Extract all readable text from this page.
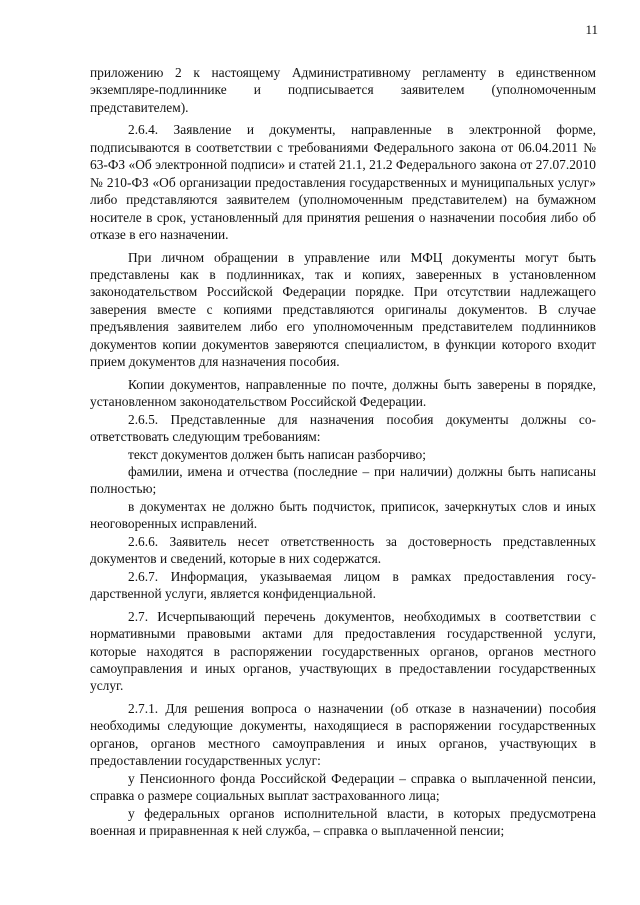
11

приложению 2 к настоящему Административному регламенту в единственном экземпляре-подлиннике и подписывается заявителем (уполномоченным представителем).

2.6.4. Заявление и документы, направленные в электронной форме, подписываются в соответствии с требованиями Федерального закона от 06.04.2011 № 63-ФЗ «Об электронной подписи» и статей 21.1, 21.2 Федерального закона от 27.07.2010 № 210-ФЗ «Об организации предоставления государственных и муниципальных услуг» либо представляются заявителем (уполномоченным представителем) на бумажном носителе в срок, установленный для принятия решения о назначении пособия либо об отказе в его назначении.

При личном обращении в управление или МФЦ документы могут быть представлены как в подлинниках, так и копиях, заверенных в установленном законодательством Российской Федерации порядке. При отсутствии надлежащего заверения вместе с копиями представляются оригиналы документов. В случае предъявления заявителем либо его уполномоченным представителем подлинников документов копии документов заверяются специалистом, в функции которого входит прием документов для назначения пособия.

Копии документов, направленные по почте, должны быть заверены в порядке, установленном законодательством Российской Федерации.

2.6.5. Представленные для назначения пособия документы должны соответствовать следующим требованиям:

текст документов должен быть написан разборчиво;

фамилии, имена и отчества (последние – при наличии) должны быть написаны полностью;

в документах не должно быть подчисток, приписок, зачеркнутых слов и иных неоговоренных исправлений.

2.6.6. Заявитель несет ответственность за достоверность представленных документов и сведений, которые в них содержатся.

2.6.7. Информация, указываемая лицом в рамках предоставления государственной услуги, является конфиденциальной.

2.7. Исчерпывающий перечень документов, необходимых в соответствии с нормативными правовыми актами для предоставления государственной услуги, которые находятся в распоряжении государственных органов, органов местного самоуправления и иных органов, участвующих в предоставлении государственных услуг.

2.7.1. Для решения вопроса о назначении (об отказе в назначении) пособия необходимы следующие документы, находящиеся в распоряжении государственных органов, органов местного самоуправления и иных органов, участвующих в предоставлении государственных услуг:

у Пенсионного фонда Российской Федерации – справка о выплаченной пенсии, справка о размере социальных выплат застрахованного лица;

у федеральных органов исполнительной власти, в которых предусмотрена военная и приравненная к ней служба, – справка о выплаченной пенсии;
